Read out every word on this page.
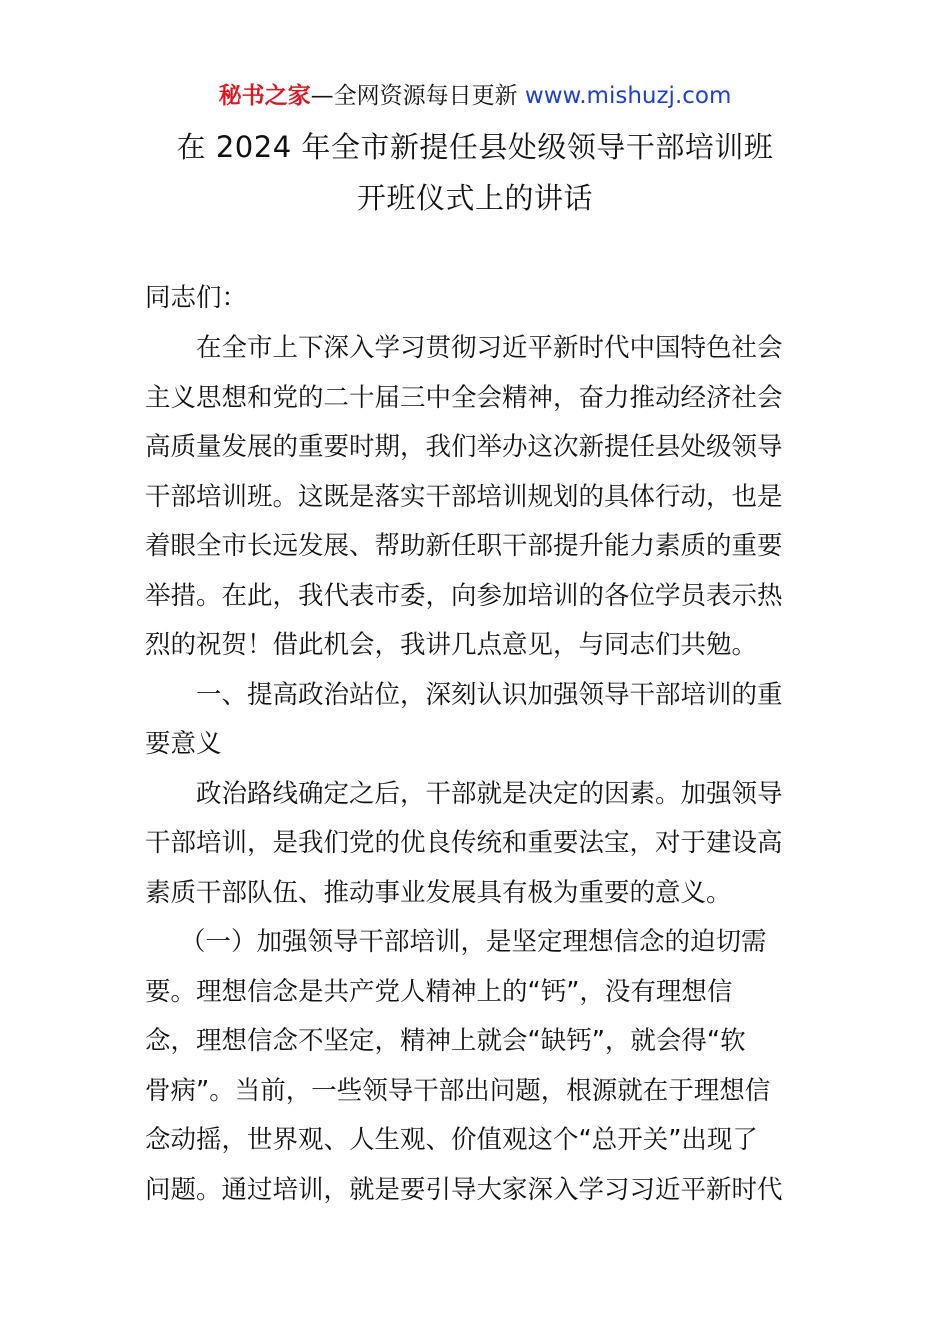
秘书之家—全网资源每日更新 www.mishuzj.com
在 2024 年全市新提任县处级领导干部培训班
开班仪式上的讲话
同志们：
在全市上下深入学习贯彻习近平新时代中国特色社会
主义思想和党的二十届三中全会精神，奋力推动经济社会
高质量发展的重要时期，我们举办这次新提任县处级领导
干部培训班。这既是落实干部培训规划的具体行动，也是
着眼全市长远发展、帮助新任职干部提升能力素质的重要
举措。在此，我代表市委，向参加培训的各位学员表示热
烈的祝贺！借此机会，我讲几点意见，与同志们共勉。
一、提高政治站位，深刻认识加强领导干部培训的重
要意义
政治路线确定之后，干部就是决定的因素。加强领导
干部培训，是我们党的优良传统和重要法宝，对于建设高
素质干部队伍、推动事业发展具有极为重要的意义。
（一）加强领导干部培训，是坚定理想信念的迫切需
要。理想信念是共产党人精神上的“钙”，没有理想信
念，理想信念不坚定，精神上就会“缺钙”，就会得“软
骨病”。当前，一些领导干部出问题，根源就在于理想信
念动摇，世界观、人生观、价值观这个“总开关”出现了
问题。通过培训，就是要引导大家深入学习习近平新时代
